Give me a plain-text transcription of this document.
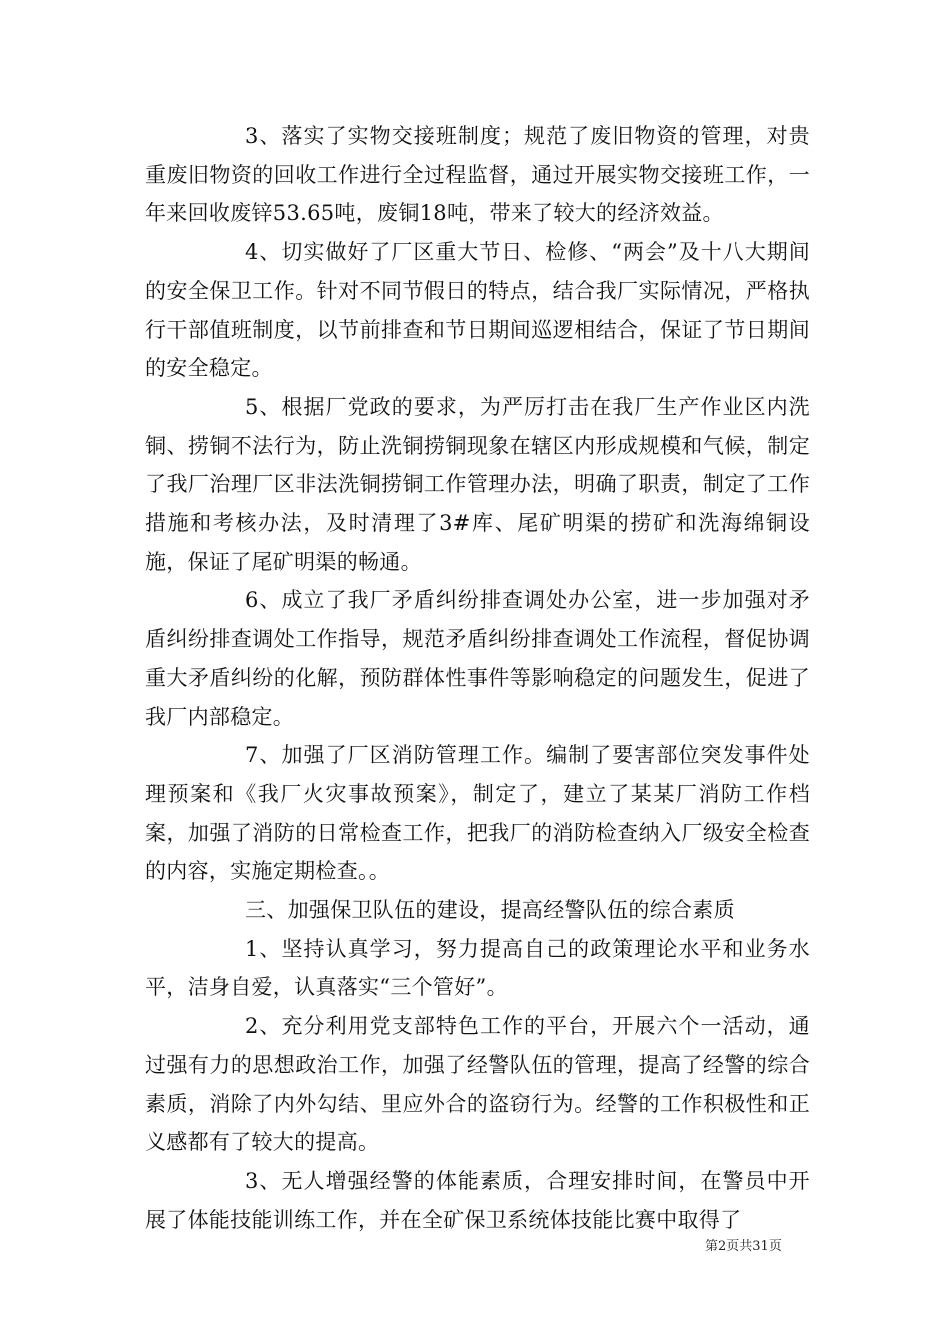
3、落实了实物交接班制度；规范了废旧物资的管理，对贵重废旧物资的回收工作进行全过程监督，通过开展实物交接班工作，一年来回收废锌53.65吨，废铜18吨，带来了较大的经济效益。

4、切实做好了厂区重大节日、检修、“两会”及十八大期间的安全保卫工作。针对不同节假日的特点，结合我厂实际情况，严格执行干部值班制度，以节前排查和节日期间巡逻相结合，保证了节日期间的安全稳定。

5、根据厂党政的要求，为严厉打击在我厂生产作业区内洗铜、捞铜不法行为，防止洗铜捞铜现象在辖区内形成规模和气候，制定了我厂治理厂区非法洗铜捞铜工作管理办法，明确了职责，制定了工作措施和考核办法，及时清理了3#库、尾矿明渠的捞矿和洗海绵铜设施，保证了尾矿明渠的畅通。

6、成立了我厂矛盾纠纷排查调处办公室，进一步加强对矛盾纠纷排查调处工作指导，规范矛盾纠纷排查调处工作流程，督促协调重大矛盾纠纷的化解，预防群体性事件等影响稳定的问题发生，促进了我厂内部稳定。

7、加强了厂区消防管理工作。编制了要害部位突发事件处理预案和《我厂火灾事故预案》，制定了，建立了某某厂消防工作档案，加强了消防的日常检查工作，把我厂的消防检查纳入厂级安全检查的内容，实施定期检查。。

三、加强保卫队伍的建设，提高经警队伍的综合素质

1、坚持认真学习，努力提高自己的政策理论水平和业务水平，洁身自爱，认真落实“三个管好”。

2、充分利用党支部特色工作的平台，开展六个一活动，通过强有力的思想政治工作，加强了经警队伍的管理，提高了经警的综合素质，消除了内外勾结、里应外合的盗窃行为。经警的工作积极性和正义感都有了较大的提高。

3、无人增强经警的体能素质，合理安排时间，在警员中开展了体能技能训练工作，并在全矿保卫系统体技能比赛中取得了

第2页共31页
